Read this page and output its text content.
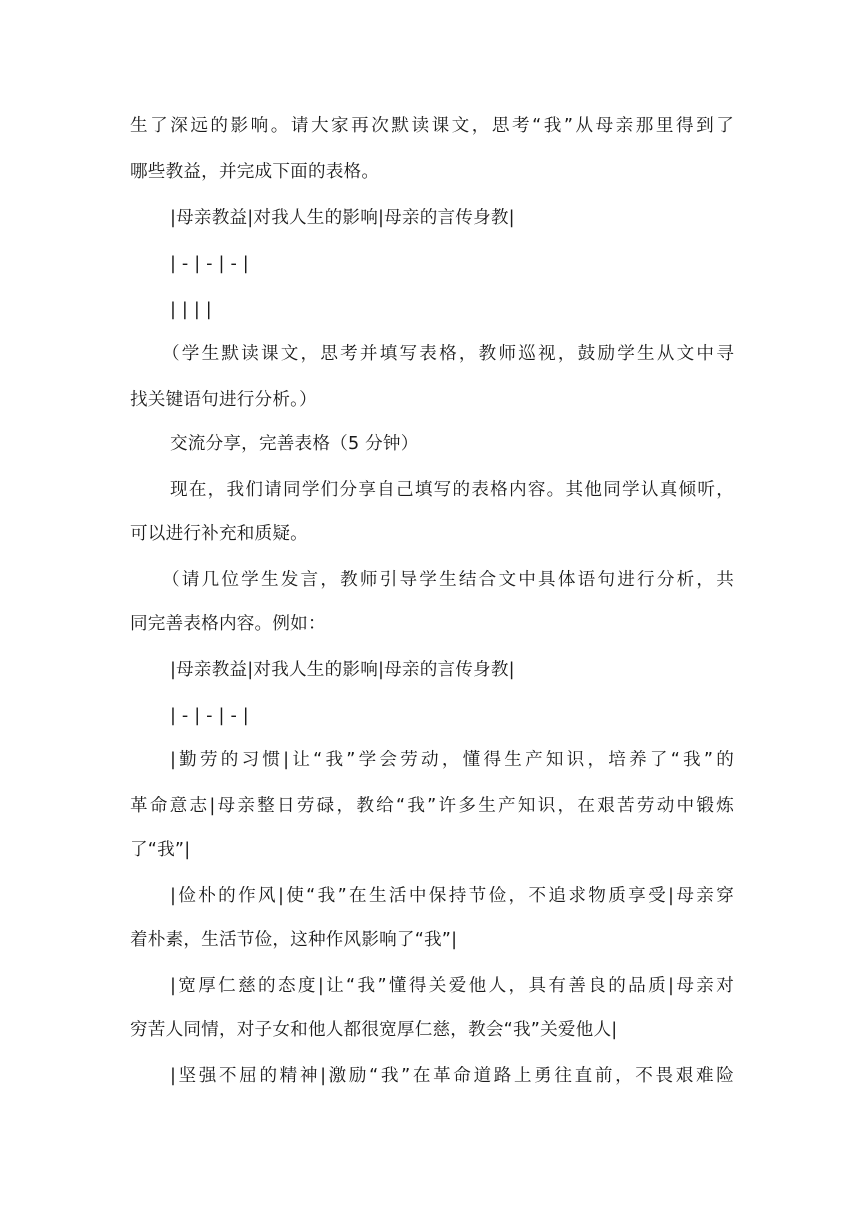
生了深远的影响。请大家再次默读课文，思考“我”从母亲那里得到了
哪些教益，并完成下面的表格。
|母亲教益|对我人生的影响|母亲的言传身教|
| - | - | - |
| | | |
（学生默读课文，思考并填写表格，教师巡视，鼓励学生从文中寻
找关键语句进行分析。）
交流分享，完善表格（5 分钟）
现在，我们请同学们分享自己填写的表格内容。其他同学认真倾听，
可以进行补充和质疑。
（请几位学生发言，教师引导学生结合文中具体语句进行分析，共
同完善表格内容。例如：
|母亲教益|对我人生的影响|母亲的言传身教|
| - | - | - |
|勤劳的习惯|让“我”学会劳动，懂得生产知识，培养了“我”的
革命意志|母亲整日劳碌，教给“我”许多生产知识，在艰苦劳动中锻炼
了“我”|
|俭朴的作风|使“我”在生活中保持节俭，不追求物质享受|母亲穿
着朴素，生活节俭，这种作风影响了“我”|
|宽厚仁慈的态度|让“我”懂得关爱他人，具有善良的品质|母亲对
穷苦人同情，对子女和他人都很宽厚仁慈，教会“我”关爱他人|
|坚强不屈的精神|激励“我”在革命道路上勇往直前，不畏艰难险
